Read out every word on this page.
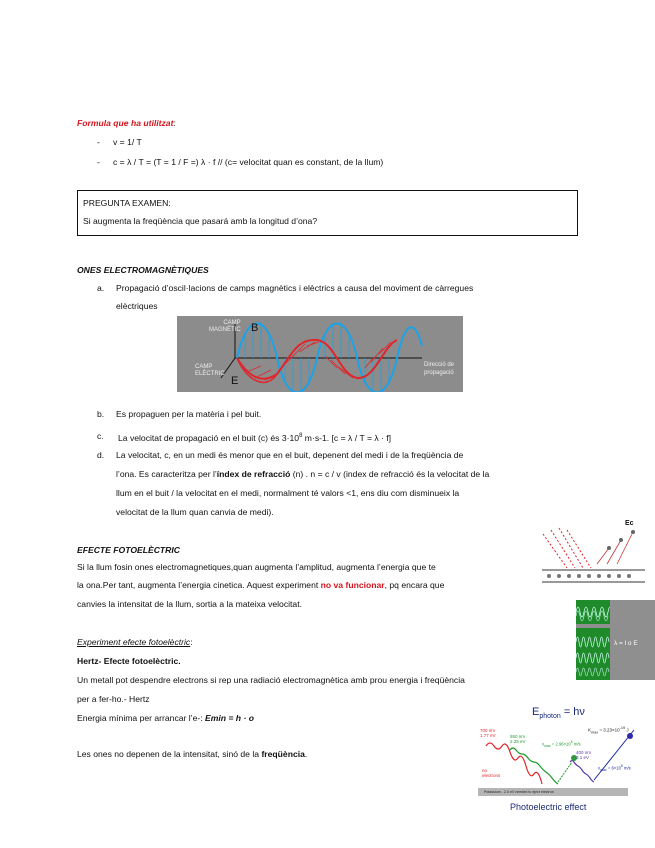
Formula que ha utilitzat:
- v = 1/ T
- c = λ / T = (T = 1 / F =) λ · f // (c= velocitat quan es constant, de la llum)
PREGUNTA EXAMEN:
Si augmenta la freqüència que pasará amb la longitud d’ona?
ONES ELECTROMAGNÈTIQUES
a. Propagació d’oscil·lacions de camps magnètics i elèctrics a causa del moviment de càrregues
elèctriques
CAMP
MAGNÈTIC B
CAMP
ELÈCTRIC
E
Direcció de
propagació
b. Es propaguen per la matèria i pel buit.
c. La velocitat de propagació en el buit (c) és $3\cdot 10^8$ m·s-1. [c = λ / T = λ · f]
d. La velocitat, c, en un medi és menor que en el buit, depenent del medi i de la freqüència de
l’ona. Es caracteritza per l’índex de refracció (n) . n = c / v (index de refracció és la velocitat de la
llum en el buit / la velocitat en el medi, normalment té valors <1, ens diu com disminueix la
velocitat de la llum quan canvia de medi).
EFECTE FOTOELÈCTRIC
Si la llum fosin ones electromagnetiques,quan augmenta l’amplitud, augmenta l’energia que te
la ona.Per tant, augmenta l’energia cinetica. Aquest experiment no va funcionar, pq encara que
canvies la intensitat de la llum, sortia a la mateixa velocitat.
Ec
λ = l o E
Experiment efecte fotoelèctric:
Hertz- Efecte fotoelèctric.
Un metall pot despendre electrons si rep una radiació electromagnètica amb prou energia i freqüència
per a fer-ho.- Hertz
Energia mínima per arrancar l’e-: Emin = h · o
Les ones no depenen de la intensitat, sinó de la freqüència.
$E_{photon} = h\nu$
$K_{max} = 3.23\times 10^{-19}$ J
700 nm
1.77 eV	550 nm
2.25 eV
400 nm
3.1 eV
$v_{max} = 2.96\times 10^5$ m/s
$v_{max} = 6\times 10^5$ m/s
no
electrons
Potassium - 2.0 eV needed to eject electron
Photoelectric effect
